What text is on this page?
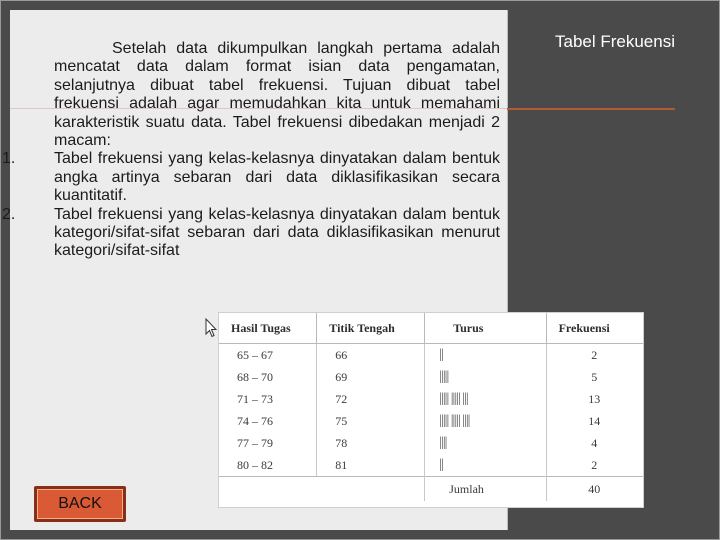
Tabel Frekuensi

Setelah data dikumpulkan langkah pertama adalah mencatat data dalam format isian data pengamatan, selanjutnya dibuat tabel frekuensi. Tujuan dibuat tabel frekuensi adalah agar memudahkan kita untuk memahami karakteristik suatu data. Tabel frekuensi dibedakan menjadi 2 macam:

1. Tabel frekuensi yang kelas-kelasnya dinyatakan dalam bentuk angka artinya sebaran dari data diklasifikasikan secara kuantitatif.
2. Tabel frekuensi yang kelas-kelasnya dinyatakan dalam bentuk kategori/sifat-sifat sebaran dari data diklasifikasikan menurut kategori/sifat-sifat
Hasil Tugas	Titik Tengah	Turus	Frekuensi
65 – 67	66	||	2
68 – 70	69	|||||	5
71 – 73	72	||||| ||||| |||	13
74 – 76	75	||||| ||||| ||||	14
77 – 79	78	||||	4
80 – 82	81	||	2
		Jumlah	40
BACK
